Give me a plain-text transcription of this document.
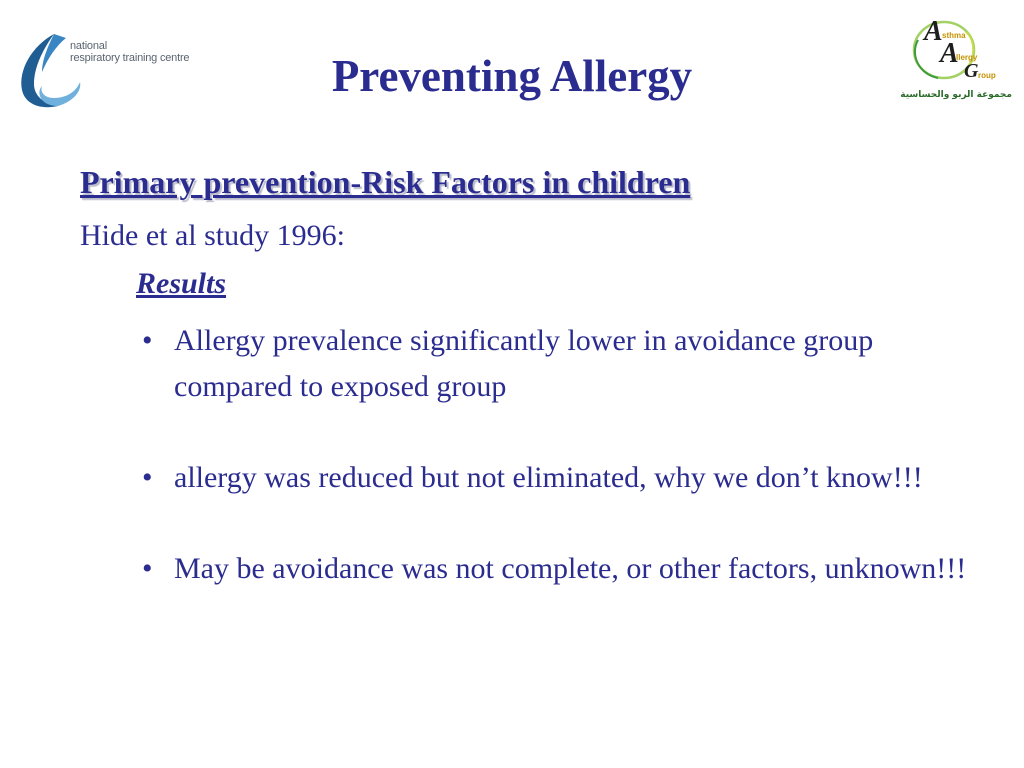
national
respiratory training centre
A sthma
A
llergy
G roup
مجموعة الربو والحساسية
Preventing Allergy
Primary prevention-Risk Factors in children
Hide et al study 1996:
Results
• Allergy prevalence significantly lower in avoidance group compared to exposed group
• allergy was reduced but not eliminated, why we don’t know!!!
• May be avoidance was not complete, or other factors, unknown!!!
